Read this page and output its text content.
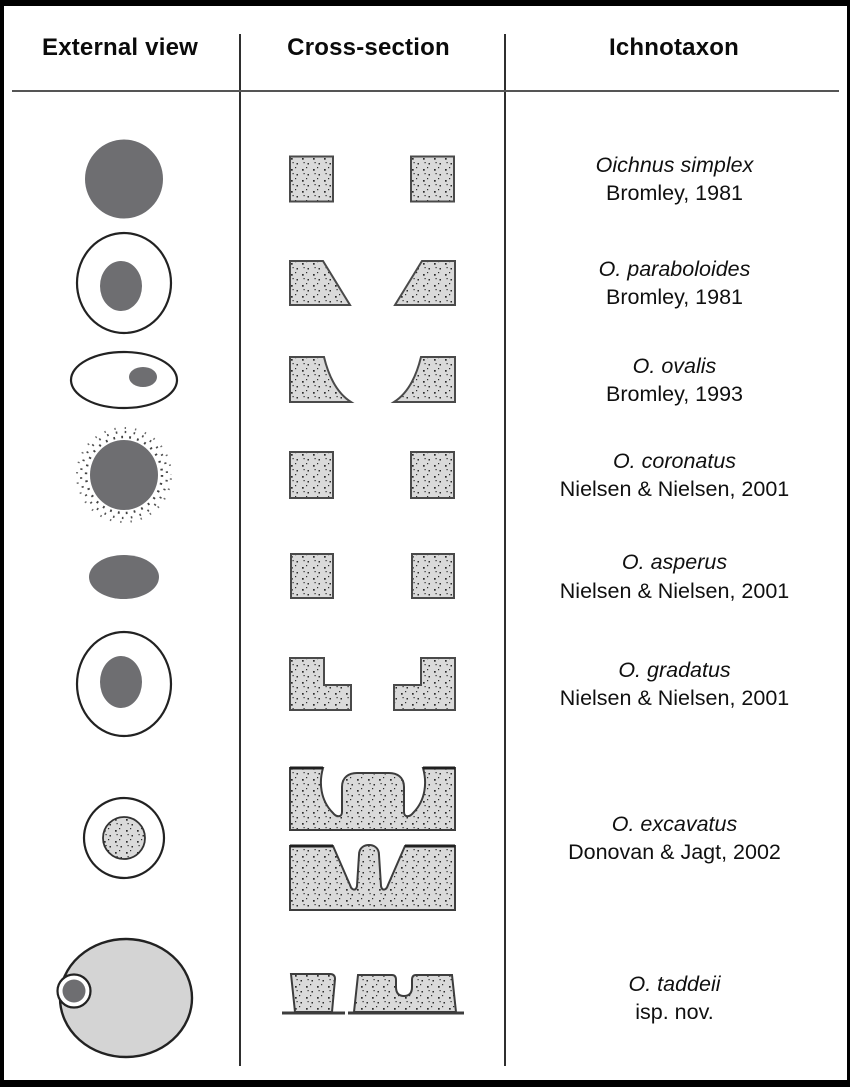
External view	Cross-section	Ichnotaxon
Oichnus simplex
Bromley, 1981
O. paraboloides
Bromley, 1981
O. ovalis
Bromley, 1993
O. coronatus
Nielsen & Nielsen, 2001
O. asperus
Nielsen & Nielsen, 2001
O. gradatus
Nielsen & Nielsen, 2001
O. excavatus
Donovan & Jagt, 2002
O. taddeii
isp. nov.
